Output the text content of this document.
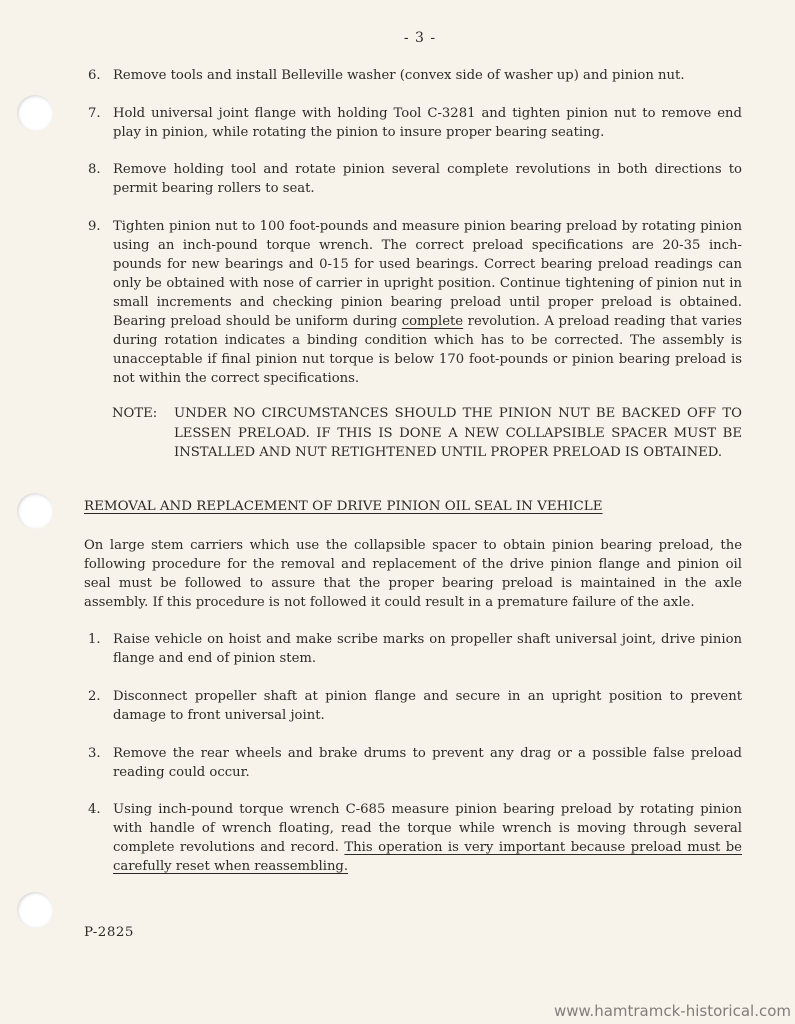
- 3 -
6. Remove tools and install Belleville washer (convex side of washer up) and pinion nut.
7. Hold universal joint flange with holding Tool C-3281 and tighten pinion nut to remove end play in pinion, while rotating the pinion to insure proper bearing seating.
8. Remove holding tool and rotate pinion several complete revolutions in both directions to permit bearing rollers to seat.
9. Tighten pinion nut to 100 foot-pounds and measure pinion bearing preload by rotating pinion using an inch-pound torque wrench. The correct preload specifications are 20-35 inch-pounds for new bearings and 0-15 for used bearings. Correct bearing preload readings can only be obtained with nose of carrier in upright position. Continue tightening of pinion nut in small increments and checking pinion bearing preload until proper preload is obtained. Bearing preload should be uniform during complete revolution. A preload reading that varies during rotation indicates a binding condition which has to be corrected. The assembly is unacceptable if final pinion nut torque is below 170 foot-pounds or pinion bearing preload is not within the correct specifications.
NOTE: UNDER NO CIRCUMSTANCES SHOULD THE PINION NUT BE BACKED OFF TO LESSEN PRELOAD. IF THIS IS DONE A NEW COLLAPSIBLE SPACER MUST BE INSTALLED AND NUT RETIGHTENED UNTIL PROPER PRELOAD IS OBTAINED.
REMOVAL AND REPLACEMENT OF DRIVE PINION OIL SEAL IN VEHICLE
On large stem carriers which use the collapsible spacer to obtain pinion bearing preload, the following procedure for the removal and replacement of the drive pinion flange and pinion oil seal must be followed to assure that the proper bearing preload is maintained in the axle assembly. If this procedure is not followed it could result in a premature failure of the axle.
1. Raise vehicle on hoist and make scribe marks on propeller shaft universal joint, drive pinion flange and end of pinion stem.
2. Disconnect propeller shaft at pinion flange and secure in an upright position to prevent damage to front universal joint.
3. Remove the rear wheels and brake drums to prevent any drag or a possible false preload reading could occur.
4. Using inch-pound torque wrench C-685 measure pinion bearing preload by rotating pinion with handle of wrench floating, read the torque while wrench is moving through several complete revolutions and record. This operation is very important because preload must be carefully reset when reassembling.
P-2825
www.hamtramck-historical.com
